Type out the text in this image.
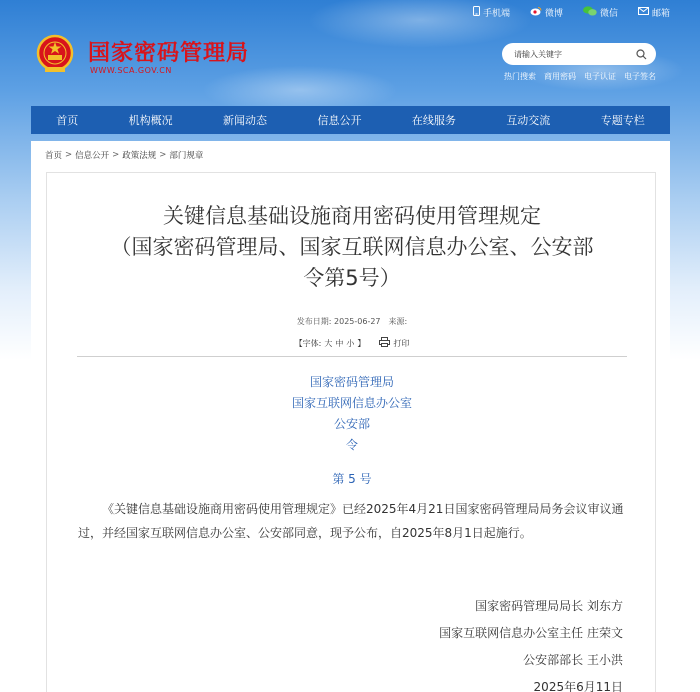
手机端	微博	微信	邮箱
国家密码管理局
WWW.SCA.GOV.CN
请输入关键字
热门搜索 商用密码 电子认证 电子签名
首页	机构概况	新闻动态	信息公开	在线服务	互动交流	专题专栏
首页 > 信息公开 > 政策法规 > 部门规章
关键信息基础设施商用密码使用管理规定
（国家密码管理局、国家互联网信息办公室、公安部
令第5号）
发布日期: 2025-06-27 来源:
【字体: 大 中 小 】	打印
国家密码管理局
国家互联网信息办公室
公安部
令
第 5 号

《关键信息基础设施商用密码使用管理规定》已经2025年4月21日国家密码管理局局务会议审议通过，并经国家互联网信息办公室、公安部同意，现予公布，自2025年8月1日起施行。

国家密码管理局局长 刘东方
国家互联网信息办公室主任 庄荣文
公安部部长 王小洪
2025年6月11日
